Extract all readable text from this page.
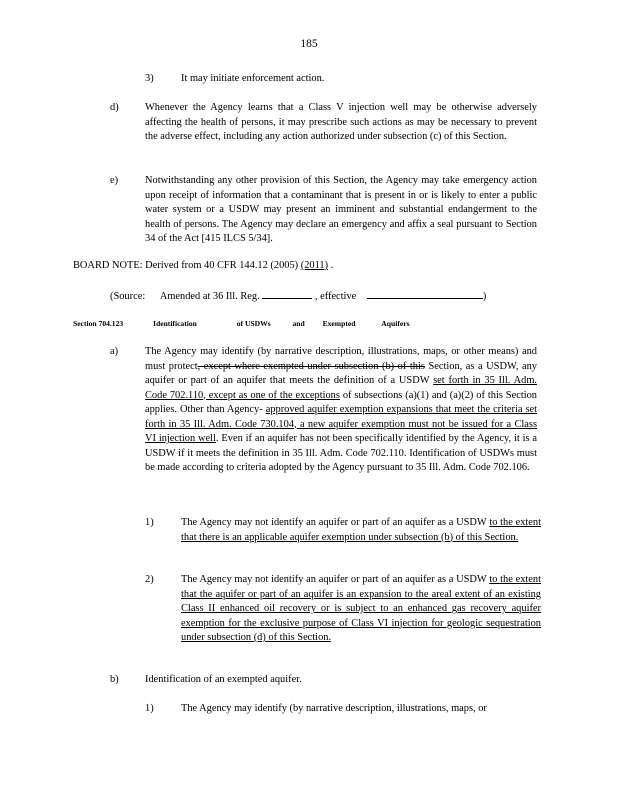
185
3)	It may initiate enforcement action.
d)	Whenever the Agency learns that a Class V injection well may be otherwise adversely affecting the health of persons, it may prescribe such actions as may be necessary to prevent the adverse effect, including any action authorized under subsection (c) of this Section.
e)	Notwithstanding any other provision of this Section, the Agency may take emergency action upon receipt of information that a contaminant that is present in or is likely to enter a public water system or a USDW may present an imminent and substantial endangerment to the health of persons. The Agency may declare an emergency and affix a seal pursuant to Section 34 of the Act [415 ILCS 5/34].
BOARD NOTE: Derived from 40 CFR 144.12 (2005) (2011) .
(Source: Amended at 36 Ill. Reg.	, effective	)
Section 704.123	Identification	of USDWs	and Exempted	Aquifers
a)	The Agency may identify (by narrative description, illustrations, maps, or other means) and must protect, except where exempted under subsection (b) of this Section, as a USDW, any aquifer or part of an aquifer that meets the definition of a USDW set forth in 35 Ill. Adm. Code 702.110, except as one of the exceptions of subsections (a)(1) and (a)(2) of this Section applies. Other than Agency- approved aquifer exemption expansions that meet the criteria set forth in 35 Ill. Adm. Code 730.104, a new aquifer exemption must not be issued for a Class VI injection well. Even if an aquifer has not been specifically identified by the Agency, it is a USDW if it meets the definition in 35 Ill. Adm. Code 702.110. Identification of USDWs must be made according to criteria adopted by the Agency pursuant to 35 Ill. Adm. Code 702.106.
1)	The Agency may not identify an aquifer or part of an aquifer as a USDW to the extent that there is an applicable aquifer exemption under subsection (b) of this Section.
2)	The Agency may not identify an aquifer or part of an aquifer as a USDW to the extent that the aquifer or part of an aquifer is an expansion to the areal extent of an existing Class II enhanced oil recovery or is subject to an enhanced gas recovery aquifer exemption for the exclusive purpose of Class VI injection for geologic sequestration under subsection (d) of this Section.
b)	Identification of an exempted aquifer.
1)	The Agency may identify (by narrative description, illustrations, maps, or
